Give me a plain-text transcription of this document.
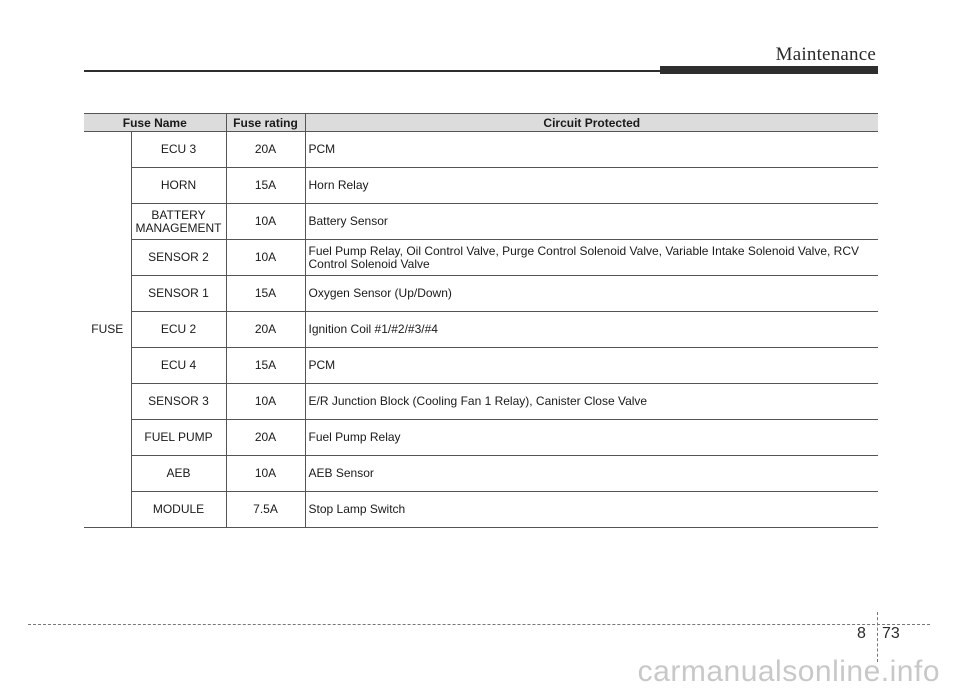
Maintenance
Fuse Name		Fuse rating	Circuit Protected
FUSE	ECU 3	20A	PCM
	HORN	15A	Horn Relay
	BATTERY MANAGEMENT	10A	Battery Sensor
	SENSOR 2	10A	Fuel Pump Relay, Oil Control Valve, Purge Control Solenoid Valve, Variable Intake Solenoid Valve, RCV Control Solenoid Valve
	SENSOR 1	15A	Oxygen Sensor (Up/Down)
	ECU 2	20A	Ignition Coil #1/#2/#3/#4
	ECU 4	15A	PCM
	SENSOR 3	10A	E/R Junction Block (Cooling Fan 1 Relay), Canister Close Valve
	FUEL PUMP	20A	Fuel Pump Relay
	AEB	10A	AEB Sensor
	MODULE	7.5A	Stop Lamp Switch
8 73
carmanualsonline.info
